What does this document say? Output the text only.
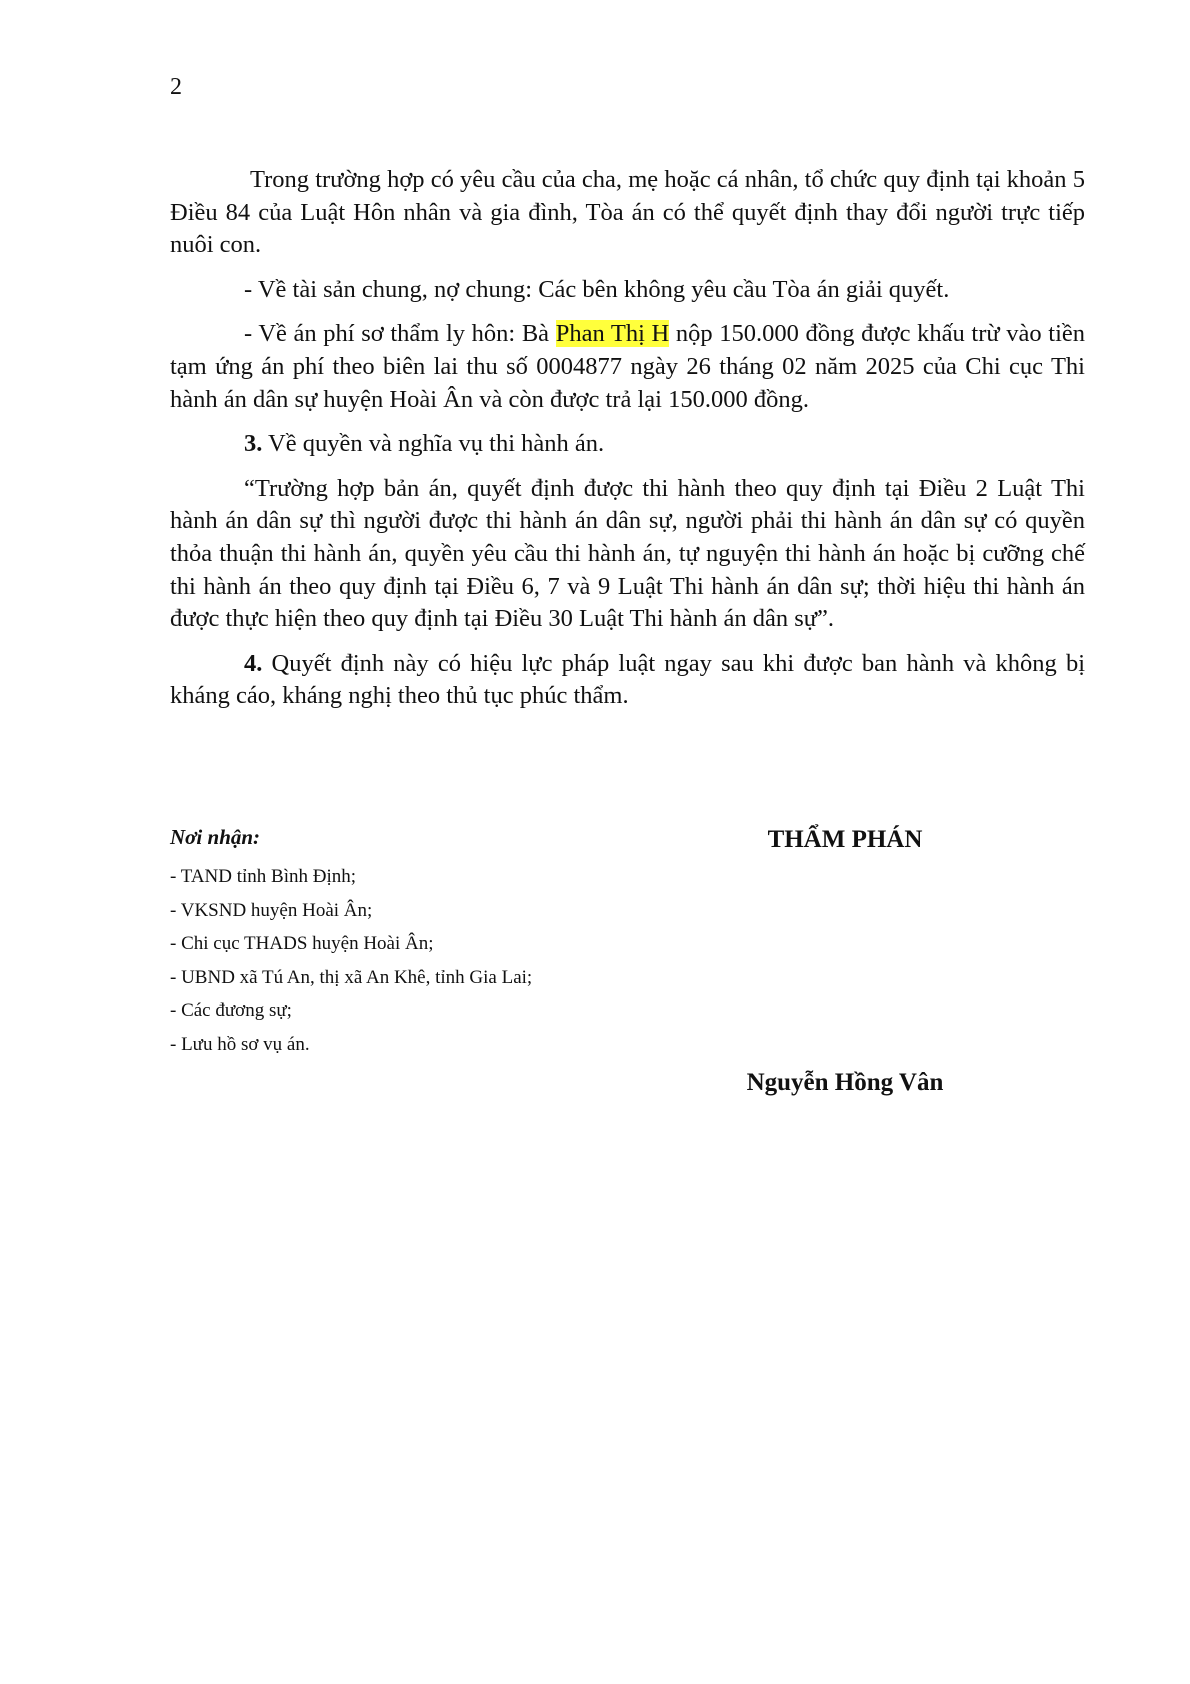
2

Trong trường hợp có yêu cầu của cha, mẹ hoặc cá nhân, tổ chức quy định tại khoản 5 Điều 84 của Luật Hôn nhân và gia đình, Tòa án có thể quyết định thay đổi người trực tiếp nuôi con.

- Về tài sản chung, nợ chung: Các bên không yêu cầu Tòa án giải quyết.

- Về án phí sơ thẩm ly hôn: Bà Phan Thị H nộp 150.000 đồng được khấu trừ vào tiền tạm ứng án phí theo biên lai thu số 0004877 ngày 26 tháng 02 năm 2025 của Chi cục Thi hành án dân sự huyện Hoài Ân và còn được trả lại 150.000 đồng.

3. Về quyền và nghĩa vụ thi hành án.

“Trường hợp bản án, quyết định được thi hành theo quy định tại Điều 2 Luật Thi hành án dân sự thì người được thi hành án dân sự, người phải thi hành án dân sự có quyền thỏa thuận thi hành án, quyền yêu cầu thi hành án, tự nguyện thi hành án hoặc bị cưỡng chế thi hành án theo quy định tại Điều 6, 7 và 9 Luật Thi hành án dân sự; thời hiệu thi hành án được thực hiện theo quy định tại Điều 30 Luật Thi hành án dân sự”.

4. Quyết định này có hiệu lực pháp luật ngay sau khi được ban hành và không bị kháng cáo, kháng nghị theo thủ tục phúc thẩm.

Nơi nhận:
- TAND tỉnh Bình Định;
- VKSND huyện Hoài Ân;
- Chi cục THADS huyện Hoài Ân;
- UBND xã Tú An, thị xã An Khê, tỉnh Gia Lai;
- Các đương sự;
- Lưu hồ sơ vụ án.
THẨM PHÁN
Nguyễn Hồng Vân
